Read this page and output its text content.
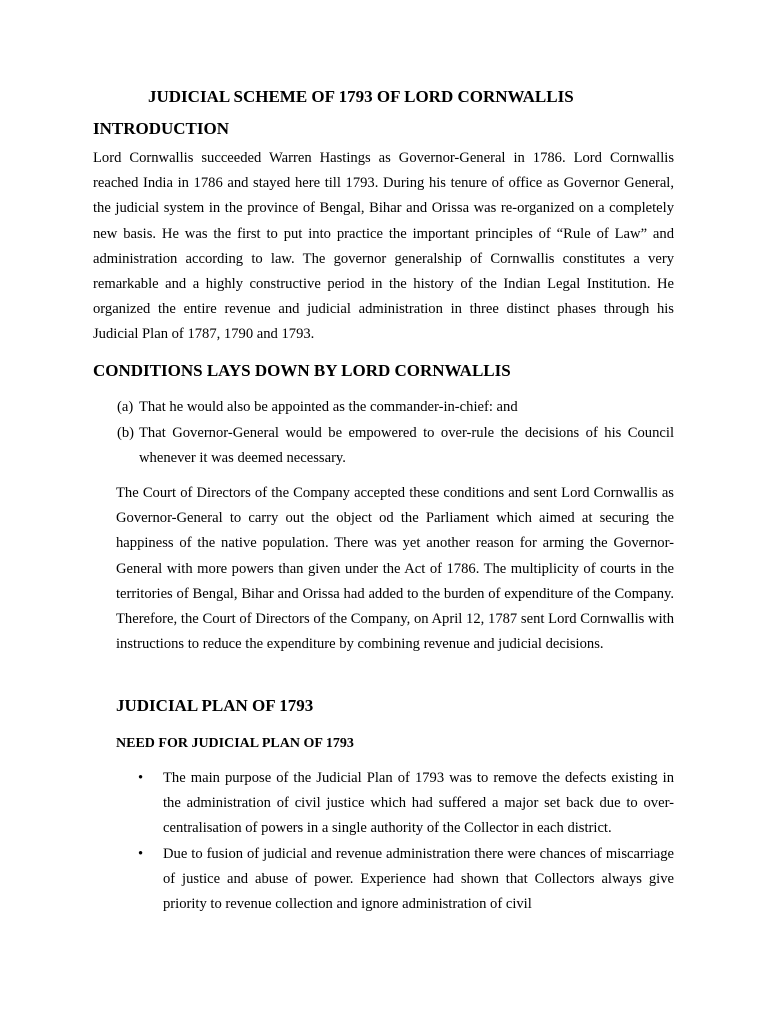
JUDICIAL SCHEME OF 1793 OF LORD CORNWALLIS
INTRODUCTION

Lord Cornwallis succeeded Warren Hastings as Governor-General in 1786. Lord Cornwallis reached India in 1786 and stayed here till 1793. During his tenure of office as Governor General, the judicial system in the province of Bengal, Bihar and Orissa was re-organized on a completely new basis. He was the first to put into practice the important principles of “Rule of Law” and administration according to law. The governor generalship of Cornwallis constitutes a very remarkable and a highly constructive period in the history of the Indian Legal Institution. He organized the entire revenue and judicial administration in three distinct phases through his Judicial Plan of 1787, 1790 and 1793.

CONDITIONS LAYS DOWN BY LORD CORNWALLIS
(a) That he would also be appointed as the commander-in-chief: and
(b) That Governor-General would be empowered to over-rule the decisions of his Council whenever it was deemed necessary.

The Court of Directors of the Company accepted these conditions and sent Lord Cornwallis as Governor-General to carry out the object od the Parliament which aimed at securing the happiness of the native population. There was yet another reason for arming the Governor-General with more powers than given under the Act of 1786. The multiplicity of courts in the territories of Bengal, Bihar and Orissa had added to the burden of expenditure of the Company. Therefore, the Court of Directors of the Company, on April 12, 1787 sent Lord Cornwallis with instructions to reduce the expenditure by combining revenue and judicial decisions.

JUDICIAL PLAN OF 1793
NEED FOR JUDICIAL PLAN OF 1793
•	The main purpose of the Judicial Plan of 1793 was to remove the defects existing in the administration of civil justice which had suffered a major set back due to over-centralisation of powers in a single authority of the Collector in each district.
•	Due to fusion of judicial and revenue administration there were chances of miscarriage of justice and abuse of power. Experience had shown that Collectors always give priority to revenue collection and ignore administration of civil
